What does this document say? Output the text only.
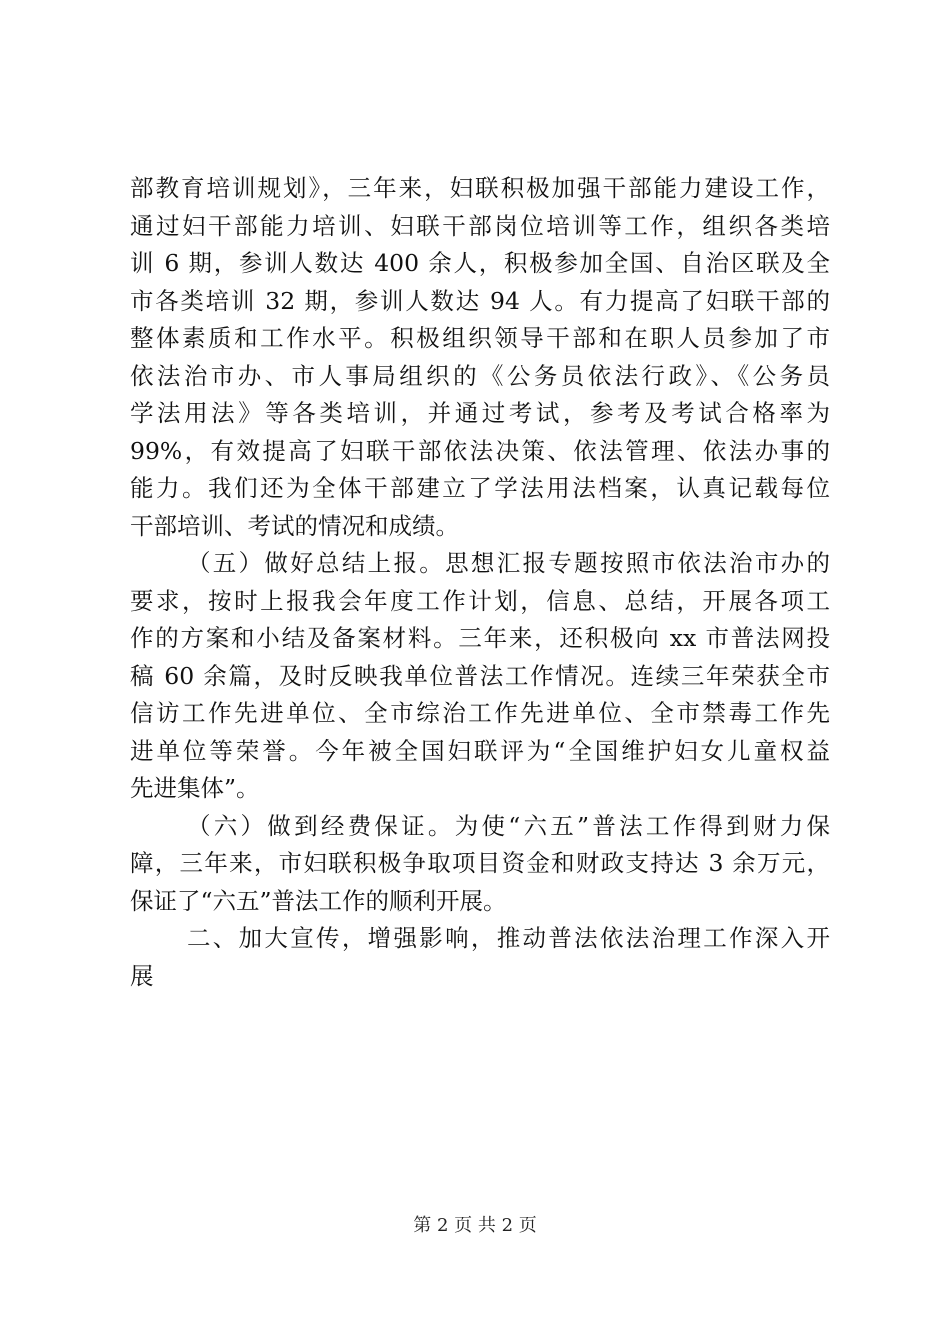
部教育培训规划》，三年来，妇联积极加强干部能力建设工作，
通过妇干部能力培训、妇联干部岗位培训等工作，组织各类培
训 6 期，参训人数达 400 余人，积极参加全国、自治区联及全
市各类培训 32 期，参训人数达 94 人。有力提高了妇联干部的
整体素质和工作水平。积极组织领导干部和在职人员参加了市
依法治市办、市人事局组织的《公务员依法行政》、《公务员
学法用法》等各类培训，并通过考试，参考及考试合格率为
99%，有效提高了妇联干部依法决策、依法管理、依法办事的
能力。我们还为全体干部建立了学法用法档案，认真记载每位
干部培训、考试的情况和成绩。
（五）做好总结上报。思想汇报专题按照市依法治市办的
要求，按时上报我会年度工作计划，信息、总结，开展各项工
作的方案和小结及备案材料。三年来，还积极向 xx 市普法网投
稿 60 余篇，及时反映我单位普法工作情况。连续三年荣获全市
信访工作先进单位、全市综治工作先进单位、全市禁毒工作先
进单位等荣誉。今年被全国妇联评为“全国维护妇女儿童权益
先进集体”。
（六）做到经费保证。为使“六五”普法工作得到财力保
障，三年来，市妇联积极争取项目资金和财政支持达 3 余万元，
保证了“六五”普法工作的顺利开展。
二、加大宣传，增强影响，推动普法依法治理工作深入开
展
第 2 页 共 2 页
